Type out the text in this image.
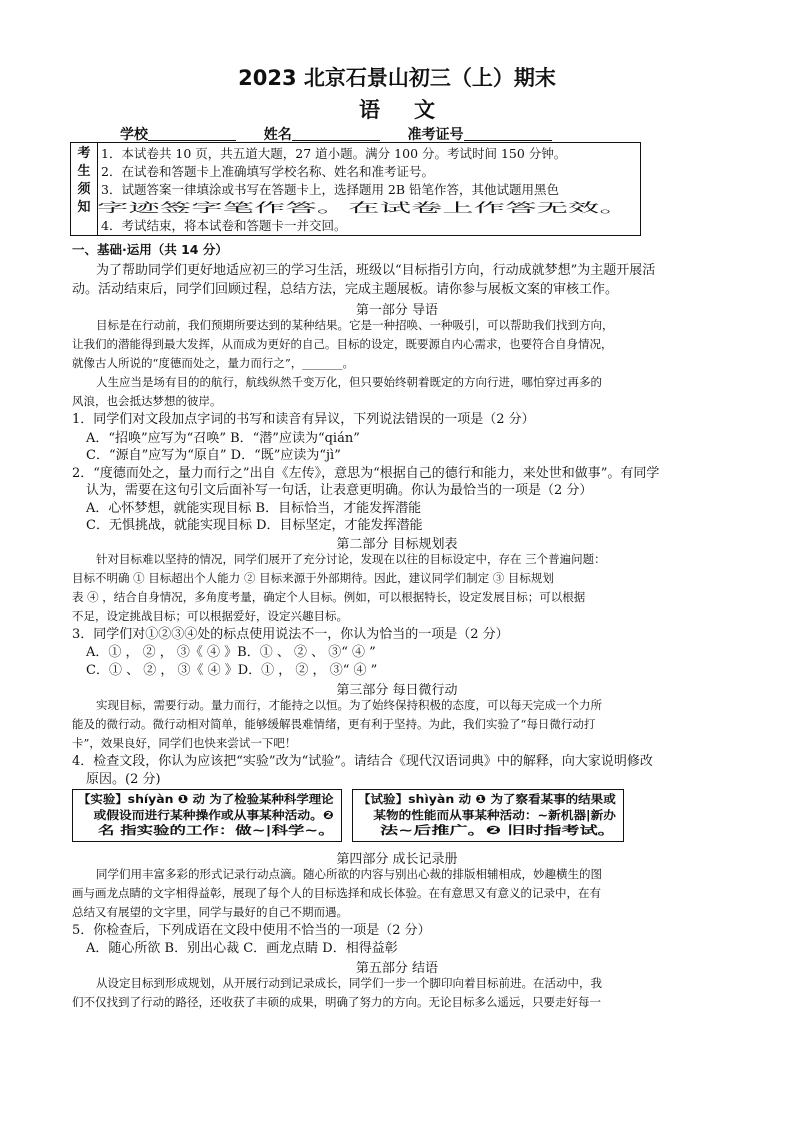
2023 北京石景山初三（上）期末
语文
学校	姓名	准考证号
考
生
须
知
1．本试卷共 10 页，共五道大题，27 道小题。满分 100 分。考试时间 150 分钟。
2．在试卷和答题卡上准确填写学校名称、姓名和准考证号。
3．试题答案一律填涂或书写在答题卡上，选择题用 2B 铅笔作答，其他试题用黑色
字迹签字笔作答。在试卷上作答无效。
4．考试结束，将本试卷和答题卡一并交回。
一、基础·运用（共 14 分）
为了帮助同学们更好地适应初三的学习生活，班级以“目标指引方向，行动成就梦想”为主题开展活
动。活动结束后，同学们回顾过程，总结方法，完成主题展板。请你参与展板文案的审核工作。
第一部分 导语
目标是在行动前，我们预期所要达到的某种结果。它是一种招唤、一种吸引，可以帮助我们找到方向，
让我们的潜能得到最大发挥，从而成为更好的自己。目标的设定，既要源自内心需求，也要符合自身情况，
就像古人所说的“度德而处之，量力而行之”，_______。
人生应当是场有目的的航行，航线纵然千变万化，但只要始终朝着既定的方向行进，哪怕穿过再多的
风浪，也会抵达梦想的彼岸。
1．同学们对文段加点字词的书写和读音有异议，下列说法错误的一项是（2 分）
A．“招唤”应写为“召唤” B．“潜”应读为“qián”
C．“源自”应写为“原自” D．“既”应读为“jì”
2．“度德而处之，量力而行之”出自《左传》，意思为“根据自己的德行和能力，来处世和做事”。有同学
认为，需要在这句引文后面补写一句话，让表意更明确。你认为最恰当的一项是（2 分）
A．心怀梦想，就能实现目标 B．目标恰当，才能发挥潜能
C．无惧挑战，就能实现目标 D．目标坚定，才能发挥潜能
第二部分 目标规划表
针对目标难以坚持的情况，同学们展开了充分讨论，发现在以往的目标设定中，存在 三个普遍问题：
目标不明确 ① 目标超出个人能力 ② 目标来源于外部期待。因此，建议同学们制定 ③ 目标规划
表 ④ ，结合自身情况，多角度考量，确定个人目标。例如，可以根据特长，设定发展目标；可以根据
不足，设定挑战目标；可以根据爱好，设定兴趣目标。
3．同学们对①②③④处的标点使用说法不一，你认为恰当的一项是（2 分）
A．① ， ② ， ③《 ④ 》B．① 、 ② 、 ③“ ④ ”
C．① 、 ② ， ③《 ④ 》D．① ， ② ， ③“ ④ ”
第三部分 每日微行动
实现目标，需要行动。量力而行，才能持之以恒。为了始终保持积极的态度，可以每天完成一个力所
能及的微行动。微行动相对简单，能够缓解畏难情绪，更有利于坚持。为此，我们实验了“每日微行动打
卡”，效果良好，同学们也快来尝试一下吧！
4．检查文段，你认为应该把“实验”改为“试验”。请结合《现代汉语词典》中的解释，向大家说明修改
原因。(2 分)
【实验】shíyàn ❶ 动 为了检验某种科学理论 或假设而进行某种操作或从事某种活动。❷ 名 指实验的工作：做~|科学~。
【试验】shìyàn 动 ❶ 为了察看某事的结果或 某物的性能而从事某种活动：~新机器|新办 法~后推广。❷ 旧时指考试。
第四部分 成长记录册
同学们用丰富多彩的形式记录行动点滴。随心所欲的内容与别出心裁的排版相辅相成，妙趣横生的图
画与画龙点睛的文字相得益彰，展现了每个人的目标选择和成长体验。在有意思又有意义的记录中，在有
总结又有展望的文字里，同学与最好的自己不期而遇。
5．你检查后，下列成语在文段中使用不恰当的一项是（2 分）
A．随心所欲 B．别出心裁 C．画龙点睛 D．相得益彰
第五部分 结语
从设定目标到形成规划，从开展行动到记录成长，同学们一步一个脚印向着目标前进。在活动中，我
们不仅找到了行动的路径，还收获了丰硕的成果，明确了努力的方向。无论目标多么遥远，只要走好每一
